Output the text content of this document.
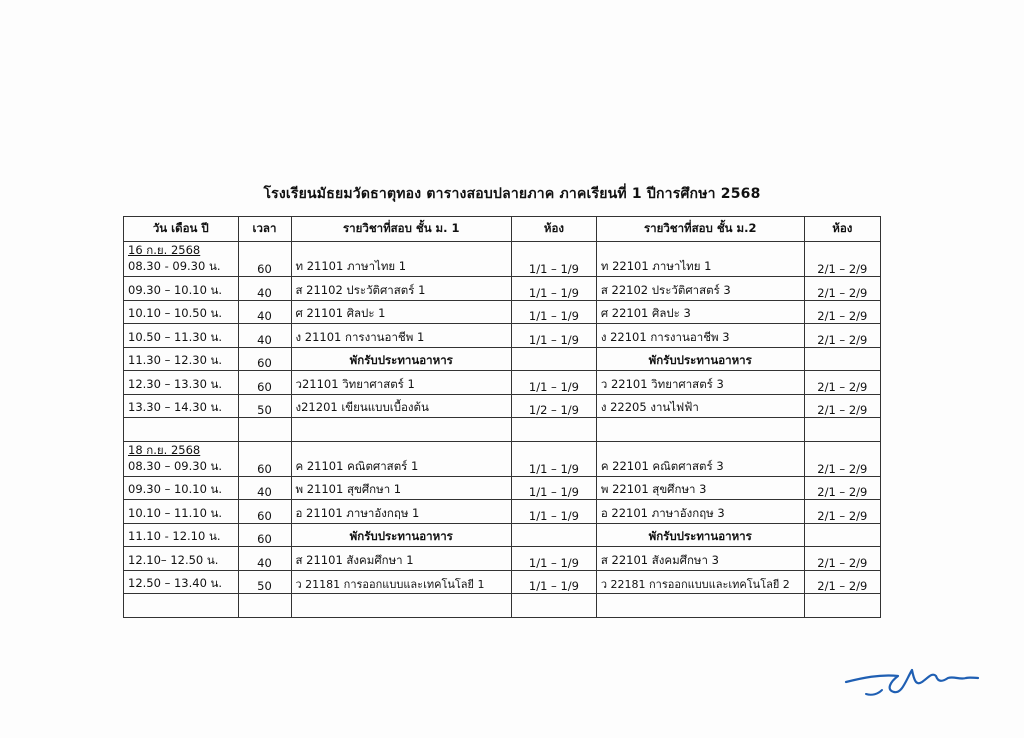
โรงเรียนมัธยมวัดธาตุทอง ตารางสอบปลายภาค ภาคเรียนที่ 1 ปีการศึกษา 2568
วัน เดือน ปี	เวลา	รายวิชาที่สอบ ชั้น ม. 1	ห้อง	รายวิชาที่สอบ ชั้น ม.2	ห้อง

16 ก.ย. 2568
08.30 - 09.30 น.	60	ท 21101 ภาษาไทย 1	1/1 – 1/9	ท 22101 ภาษาไทย 1	2/1 – 2/9
09.30 – 10.10 น.	40	ส 21102 ประวัติศาสตร์ 1	1/1 – 1/9	ส 22102 ประวัติศาสตร์ 3	2/1 – 2/9
10.10 – 10.50 น.	40	ศ 21101 ศิลปะ 1	1/1 – 1/9	ศ 22101 ศิลปะ 3	2/1 – 2/9
10.50 – 11.30 น.	40	ง 21101 การงานอาชีพ 1	1/1 – 1/9	ง 22101 การงานอาชีพ 3	2/1 – 2/9
11.30 – 12.30 น.	60	พักรับประทานอาหาร		พักรับประทานอาหาร	
12.30 – 13.30 น.	60	ว21101 วิทยาศาสตร์ 1	1/1 – 1/9	ว 22101 วิทยาศาสตร์ 3	2/1 – 2/9
13.30 – 14.30 น.	50	ง21201 เขียนแบบเบื้องต้น	1/2 – 1/9	ง 22205 งานไฟฟ้า	2/1 – 2/9

18 ก.ย. 2568
08.30 – 09.30 น.	60	ค 21101 คณิตศาสตร์ 1	1/1 – 1/9	ค 22101 คณิตศาสตร์ 3	2/1 – 2/9
09.30 – 10.10 น.	40	พ 21101 สุขศึกษา 1	1/1 – 1/9	พ 22101 สุขศึกษา 3	2/1 – 2/9
10.10 – 11.10 น.	60	อ 21101 ภาษาอังกฤษ 1	1/1 – 1/9	อ 22101 ภาษาอังกฤษ 3	2/1 – 2/9
11.10 - 12.10 น.	60	พักรับประทานอาหาร		พักรับประทานอาหาร	
12.10– 12.50 น.	40	ส 21101 สังคมศึกษา 1	1/1 – 1/9	ส 22101 สังคมศึกษา 3	2/1 – 2/9
12.50 – 13.40 น.	50	ว 21181 การออกแบบและเทคโนโลยี 1	1/1 – 1/9	ว 22181 การออกแบบและเทคโนโลยี 2	2/1 – 2/9
